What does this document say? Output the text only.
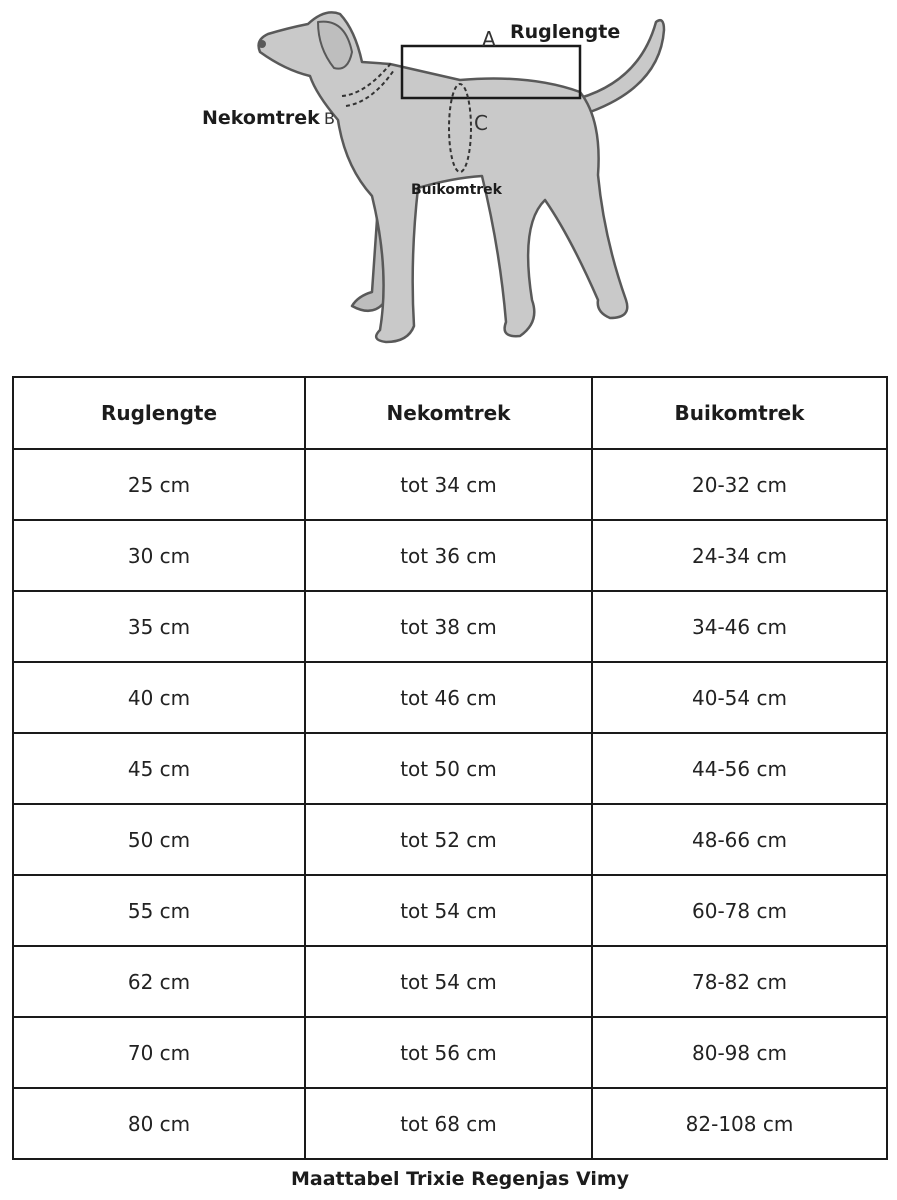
Ruglengte
A
Nekomtrek B	C
Buikomtrek
Ruglengte	Nekomtrek	Buikomtrek
25 cm	tot 34 cm	20-32 cm
30 cm	tot 36 cm	24-34 cm
35 cm	tot 38 cm	34-46 cm
40 cm	tot 46 cm	40-54 cm
45 cm	tot 50 cm	44-56 cm
50 cm	tot 52 cm	48-66 cm
55 cm	tot 54 cm	60-78 cm
62 cm	tot 54 cm	78-82 cm
70 cm	tot 56 cm	80-98 cm
80 cm	tot 68 cm	82-108 cm
Maattabel Trixie Regenjas Vimy
